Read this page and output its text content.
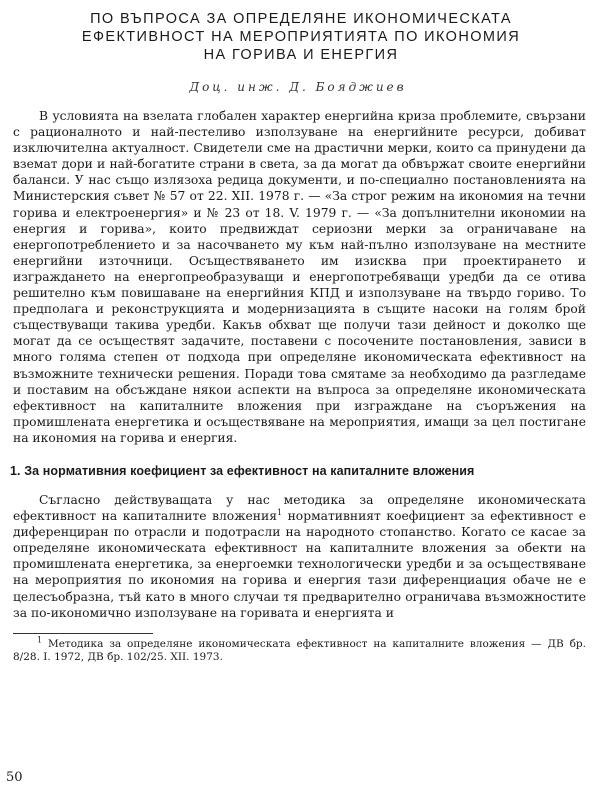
ПО ВЪПРОСА ЗА ОПРЕДЕЛЯНЕ ИКОНОМИЧЕСКАТА
ЕФЕКТИВНОСТ НА МЕРОПРИЯТИЯТА ПО ИКОНОМИЯ
НА ГОРИВА И ЕНЕРГИЯ
Доц. инж. Д. Бояджиев

В условията на взелата глобален характер енергийна криза проблемите, свързани с рационалното и най-пестеливо използуване на енергийните ресурси, добиват изключителна актуалност. Свидетели сме на драстични мерки, които са принудени да вземат дори и най-богатите страни в света, за да могат да обвържат своите енергийни баланси. У нас също излязоха редица документи, и по-специално постановленията на Министерския съвет № 57 от 22. XII. 1978 г. — «За строг режим на икономия на течни горива и електроенергия» и № 23 от 18. V. 1979 г. — «За допълнителни икономии на енергия и горива», които предвиждат сериозни мерки за ограничаване на енергопотреблението и за насочването му към най-пълно използуване на местните енергийни източници. Осъществяването им изисква при проектирането и изграждането на енергопреобразуващи и енергопотребяващи уредби да се отива решително към повишаване на енергийния КПД и използуване на твърдо гориво. То предполага и реконструкцията и модернизацията в същите насоки на голям брой съществуващи такива уредби. Какъв обхват ще получи тази дейност и доколко ще могат да се осъществят задачите, поставени с посочените постановления, зависи в много голяма степен от подхода при определяне икономическата ефективност на възможните технически решения. Поради това смятаме за необходимо да разгледаме и поставим на обсъждане някои аспекти на въпроса за определяне икономическата ефективност на капиталните вложения при изграждане на съоръжения на промишлената енергетика и осъществяване на мероприятия, имащи за цел постигане на икономия на горива и енергия.

1. За нормативния коефициент за ефективност на капиталните вложения

Съгласно действуващата у нас методика за определяне икономическата ефективност на капиталните вложения$^1$ нормативният коефициент за ефективност е диференциран по отрасли и подотрасли на народното стопанство. Когато се касае за определяне икономическата ефективност на капиталните вложения за обекти на промишлената енергетика, за енергоемки технологически уредби и за осъществяване на мероприятия по икономия на горива и енергия тази диференциация обаче не е целесъобразна, тъй като в много случаи тя предварително ограничава възможностите за по-икономично използуване на горивата и енергията и

$^1$ Методика за определяне икономическата ефективност на капиталните вложения — ДВ бр. 8/28. I. 1972, ДВ бр. 102/25. XII. 1973.

50
